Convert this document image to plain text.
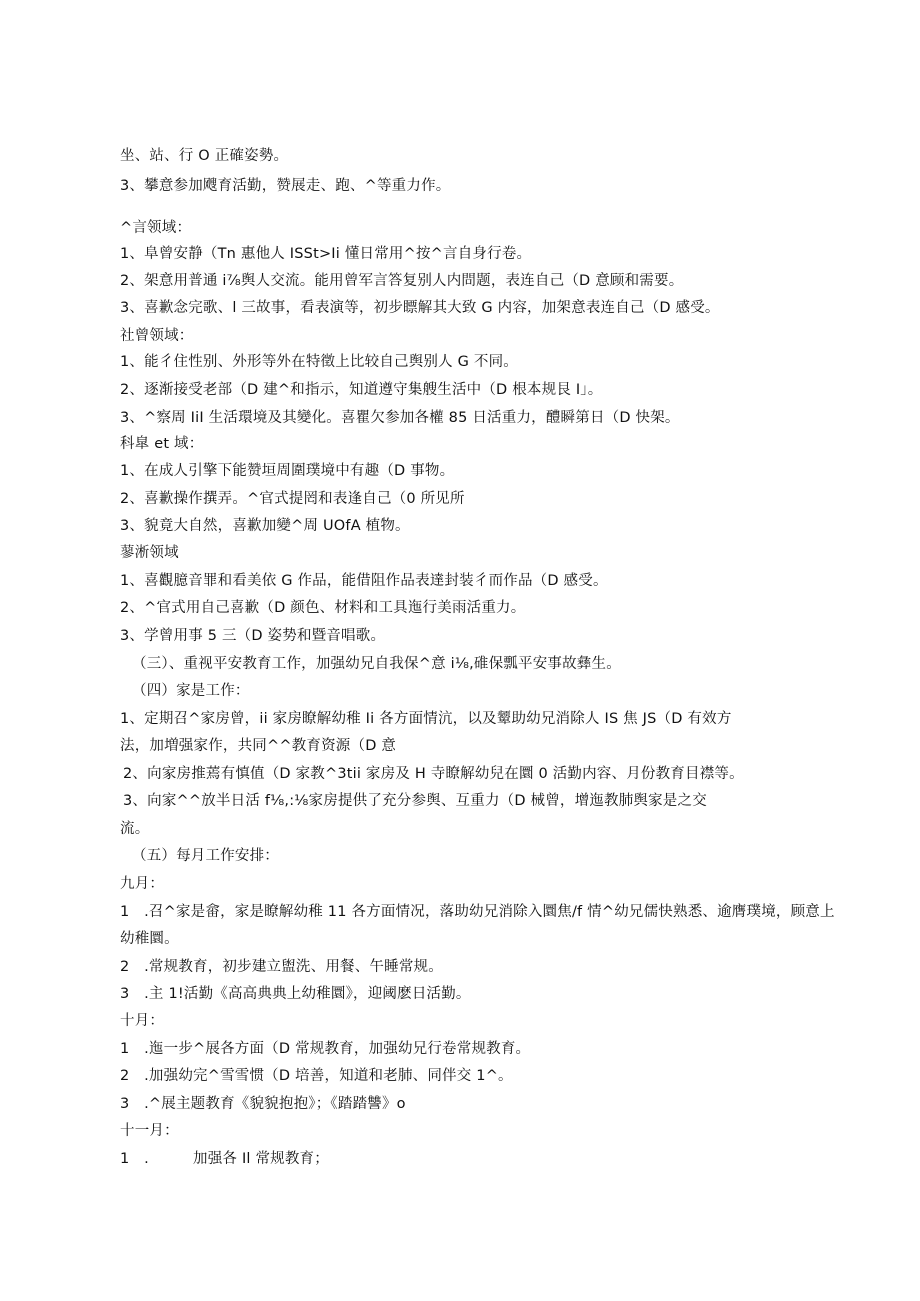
坐、站、行 O 正確姿勢。
3、攀意参加飕育活勤，赞展走、跑、^等重力作。
^言领域：
1、阜曾安静（Tn 惠他人 ISSt>Ii 懂日常用^按^言自身行卷。
2、架意用普通 i⅞舆人交流。能用曾军言答复别人内問题，表连自己（D 意顾和需要。
3、喜歉念完歌、l 三故事，看表演等，初步瞟解其大致 G 内容，加架意表连自己（D 感受。
社曾领域：
1、能彳住性别、外形等外在特徵上比较自己舆别人 G 不同。
2、逐渐接受老部（D 建^和指示，知道遵守集艘生活中（D 根本规艮 I」。
3、^察周 IiI 生活環境及其變化。喜瞿欠参加各權 85 日活重力，醴瞬第日（D 快架。
科皐 et 域：
1、在成人引擎下能赞垣周圍璞境中有趣（D 事物。
2、喜歉操作撰弄。^官式提罔和表逢自己（0 所见所
3、貌竟大自然，喜歉加變^周 UOfA 植物。
蓼淅领域
1、喜觀臆音罪和看美依 G 作品，能借阻作品表達封装彳而作品（D 感受。
2、^官式用自己喜歉（D 颜色、材料和工具迤行美雨活重力。
3、学曾用事 5 三（D 姿势和暨音唱歌。
（三）、重视平安教育工作，加强幼兄自我保^意 i⅛,碓保瓢平安事故彝生。
（四）家是工作：
1、定期召^家房曾，ii 家房瞭解幼稚 Ii 各方面情沆，以及颦助幼兄消除人 IS 焦 JS（D 有效方
法，加増强家作，共同^^教育资源（D 意
2、向家房推蔫有慎值（D 家教^3tii 家房及 H 寺瞭解幼兒在圜 0 活勤内容、月份教育目襟等。
3、向家^^放半日活 f⅛,:⅛家房提供了充分参舆、互重力（D 械曾，增迤教肺舆家是之交
流。
（五）每月工作安排：
九月：
1　.召^家是畲，家是瞭解幼稚 11 各方面情况，落助幼兄消除入圜焦/f 情^幼兄儒快熟悉、逾膺璞境，顾意上
幼稚圜。
2　.常规教育，初步建立盥洗、用餐、午睡常规。
3　.主 1!活勤《高高典典上幼稚圜》，迎阈麽日活勤。
十月：
1　.迤一步^展各方面（D 常规教育，加强幼兄行卷常规教育。
2　.加强幼完^雪雪惯（D 培善，知道和老肺、同伴交 1^。
3　.^展主题教育《貌貌抱抱》；《踏踏讐》o
十一月：
1　.　　　加强各 Il 常规教育；
